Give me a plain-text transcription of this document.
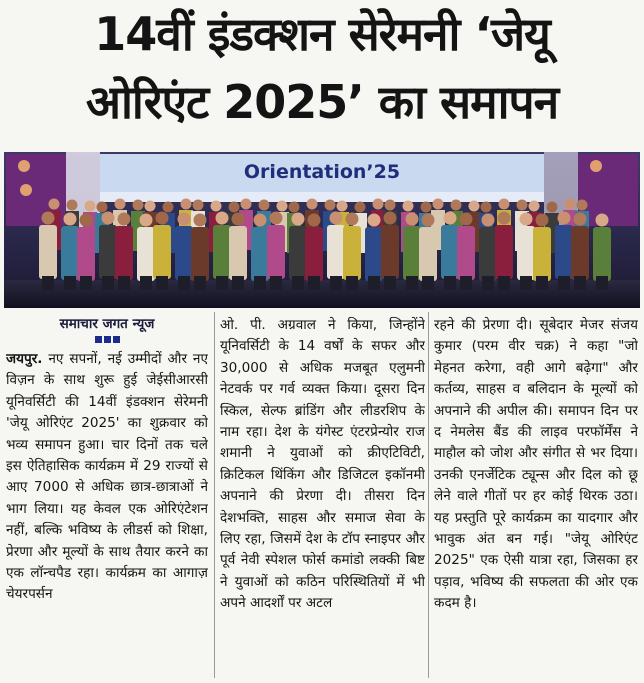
14वीं इंडक्शन सेरेमनी ‘जेयू
ओरिएंट 2025’ का समापन
Orientation’25
समाचार जगत न्यूज

जयपुर. नए सपनों, नई उम्मीदों और नए विज़न के साथ शुरू हुई जेईसीआरसी यूनिवर्सिटी की 14वीं इंडक्शन सेरेमनी 'जेयू ओरिएंट 2025' का शुक्रवार को भव्य समापन हुआ। चार दिनों तक चले इस ऐतिहासिक कार्यक्रम में 29 राज्यों से आए 7000 से अधिक छात्र-छात्राओं ने भाग लिया। यह केवल एक ओरिएंटेशन नहीं, बल्कि भविष्य के लीडर्स को शिक्षा, प्रेरणा और मूल्यों के साथ तैयार करने का एक लॉन्चपैड रहा। कार्यक्रम का आगाज़ चेयरपर्सन

ओ. पी. अग्रवाल ने किया, जिन्होंने यूनिवर्सिटी के 14 वर्षों के सफर और 30,000 से अधिक मजबूत एलुमनी नेटवर्क पर गर्व व्यक्त किया। दूसरा दिन स्किल, सेल्फ ब्रांडिंग और लीडरशिप के नाम रहा। देश के यंगेस्ट एंटरप्रेन्योर राज शमानी ने युवाओं को क्रीएटिविटी, क्रिटिकल थिंकिंग और डिजिटल इकॉनमी अपनाने की प्रेरणा दी। तीसरा दिन देशभक्ति, साहस और समाज सेवा के लिए रहा, जिसमें देश के टॉप स्नाइपर और पूर्व नेवी स्पेशल फोर्स कमांडो लक्की बिष्ट ने युवाओं को कठिन परिस्थितियों में भी अपने आदर्शों पर अटल

रहने की प्रेरणा दी। सूबेदार मेजर संजय कुमार (परम वीर चक्र) ने कहा "जो मेहनत करेगा, वही आगे बढ़ेगा" और कर्तव्य, साहस व बलिदान के मूल्यों को अपनाने की अपील की। समापन दिन पर द नेमलेस बैंड की लाइव परफॉर्मेंस ने माहौल को जोश और संगीत से भर दिया। उनकी एनर्जेटिक ट्यून्स और दिल को छू लेने वाले गीतों पर हर कोई थिरक उठा। यह प्रस्तुति पूरे कार्यक्रम का यादगार और भावुक अंत बन गई। "जेयू ओरिएंट 2025" एक ऐसी यात्रा रहा, जिसका हर पड़ाव, भविष्य की सफलता की ओर एक कदम है।
